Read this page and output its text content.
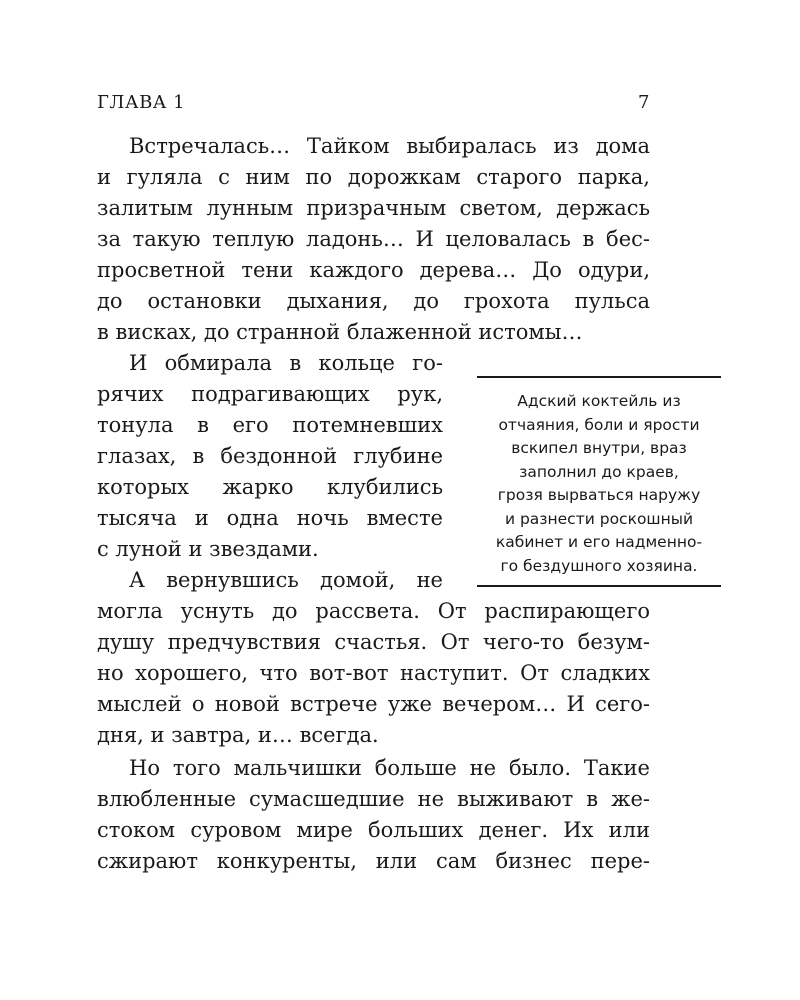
ГЛАВА 1	7
Встречалась… Тайком выбиралась из дома
и гуляла с ним по дорожкам старого парка,
залитым лунным призрачным светом, держась
за такую теплую ладонь… И целовалась в бес-
просветной тени каждого дерева… До одури,
до остановки дыхания, до грохота пульса
в висках, до странной блаженной истомы…
И обмирала в кольце го-
рячих подрагивающих рук,
тонула в его потемневших
глазах, в бездонной глубине
которых жарко клубились
тысяча и одна ночь вместе
с луной и звездами.
А вернувшись домой, не
могла уснуть до рассвета. От распирающего
душу предчувствия счастья. От чего-то безум-
но хорошего, что вот-вот наступит. От сладких
мыслей о новой встрече уже вечером… И сего-
дня, и завтра, и… всегда.
Но того мальчишки больше не было. Такие
влюбленные сумасшедшие не выживают в же-
стоком суровом мире больших денег. Их или
сжирают конкуренты, или сам бизнес пере-
Адский коктейль из
отчаяния, боли и ярости
вскипел внутри, враз
заполнил до краев,
грозя вырваться наружу
и разнести роскошный
кабинет и его надменно-
го бездушного хозяина.
